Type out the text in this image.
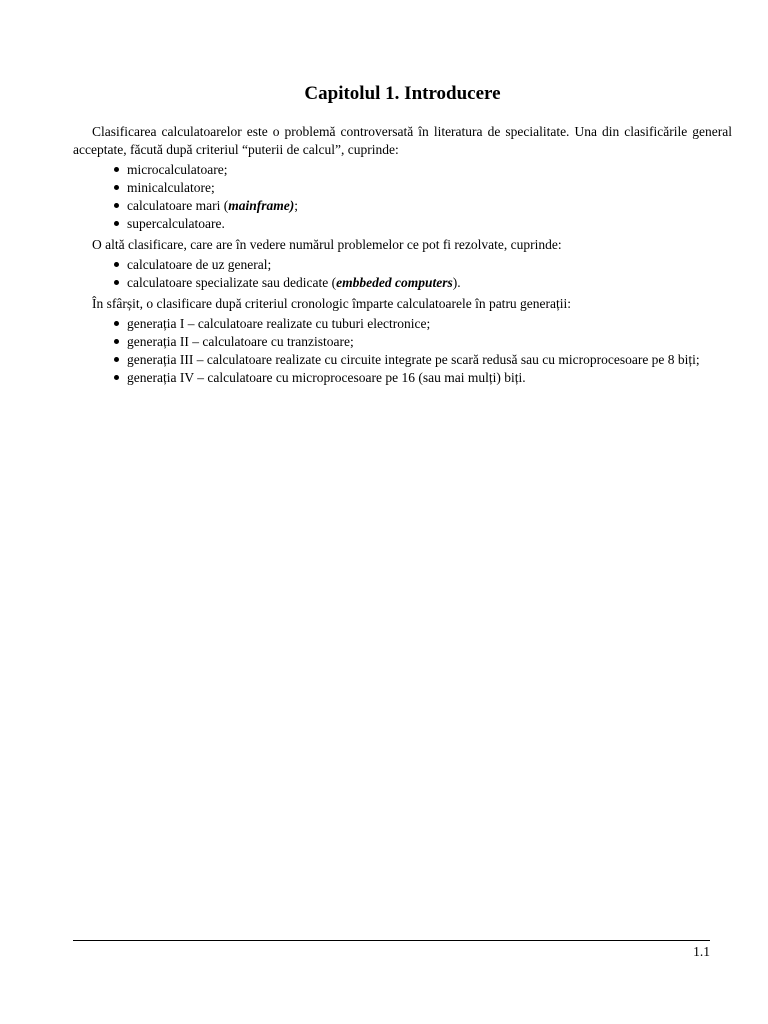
Capitolul 1. Introducere

Clasificarea calculatoarelor este o problemă controversată în literatura de specialitate. Una din clasificările general acceptate, făcută după criteriul “puterii de calcul”, cuprinde:

microcalculatoare;
minicalculatore;
calculatoare mari (mainframe);
supercalculatoare.

O altă clasificare, care are în vedere numărul problemelor ce pot fi rezolvate, cuprinde:

calculatoare de uz general;
calculatoare specializate sau dedicate (embbeded computers).

În sfârșit, o clasificare după criteriul cronologic împarte calculatoarele în patru generații:

generația I – calculatoare realizate cu tuburi electronice;
generația II – calculatoare cu tranzistoare;
generația III – calculatoare realizate cu circuite integrate pe scară redusă sau cu microprocesoare pe 8 biți;
generația IV – calculatoare cu microprocesoare pe 16 (sau mai mulți) biți.
1.1
